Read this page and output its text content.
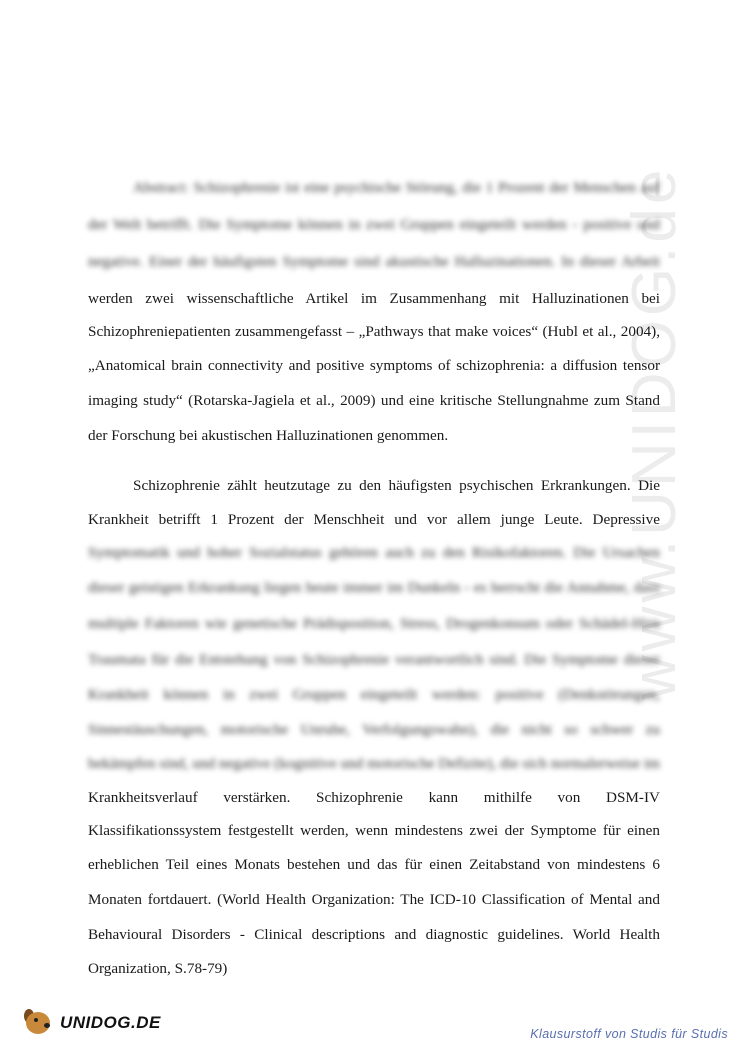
www.UNIDOG.de
Abstract: Schizophrenie ist eine psychische Störung, die 1 Prozent der Menschen auf
der Welt betrifft. Die Symptome können in zwei Gruppen eingeteilt werden - positive und
negative. Einer der häufigsten Symptome sind akustische Halluzinationen. In dieser Arbeit
werden zwei wissenschaftliche Artikel im Zusammenhang mit Halluzinationen bei
Schizophreniepatienten zusammengefasst – „Pathways that make voices“ (Hubl et al., 2004),
„Anatomical brain connectivity and positive symptoms of schizophrenia: a diffusion tensor
imaging study“ (Rotarska-Jagiela et al., 2009) und eine kritische Stellungnahme zum Stand
der Forschung bei akustischen Halluzinationen genommen.
Schizophrenie zählt heutzutage zu den häufigsten psychischen Erkrankungen. Die
Krankheit betrifft 1 Prozent der Menschheit und vor allem junge Leute. Depressive
Symptomatik und hoher Sozialstatus gehören auch zu den Risikofaktoren. Die Ursachen
dieser geistigen Erkrankung liegen heute immer im Dunkeln - es herrscht die Annahme, dass
multiple Faktoren wie genetische Prädisposition, Stress, Drogenkonsum oder Schädel-Hirn
Traumata für die Entstehung von Schizophrenie verantwortlich sind. Die Symptome dieser
Krankheit können in zwei Gruppen eingeteilt werden: positive (Denkstörungen,
Sinnestäuschungen, motorische Unruhe, Verfolgungswahn), die nicht so schwer zu
bekämpfen sind, und negative (kognitive und motorische Defizite), die sich normalerweise im
Krankheitsverlauf verstärken. Schizophrenie kann mithilfe von DSM-IV
Klassifikationssystem festgestellt werden, wenn mindestens zwei der Symptome für einen
erheblichen Teil eines Monats bestehen und das für einen Zeitabstand von mindestens 6
Monaten fortdauert. (World Health Organization: The ICD-10 Classification of Mental and
Behavioural Disorders - Clinical descriptions and diagnostic guidelines. World Health
Organization, S.78-79)
UNIDOG.DE
Klausurstoff von Studis für Studis
